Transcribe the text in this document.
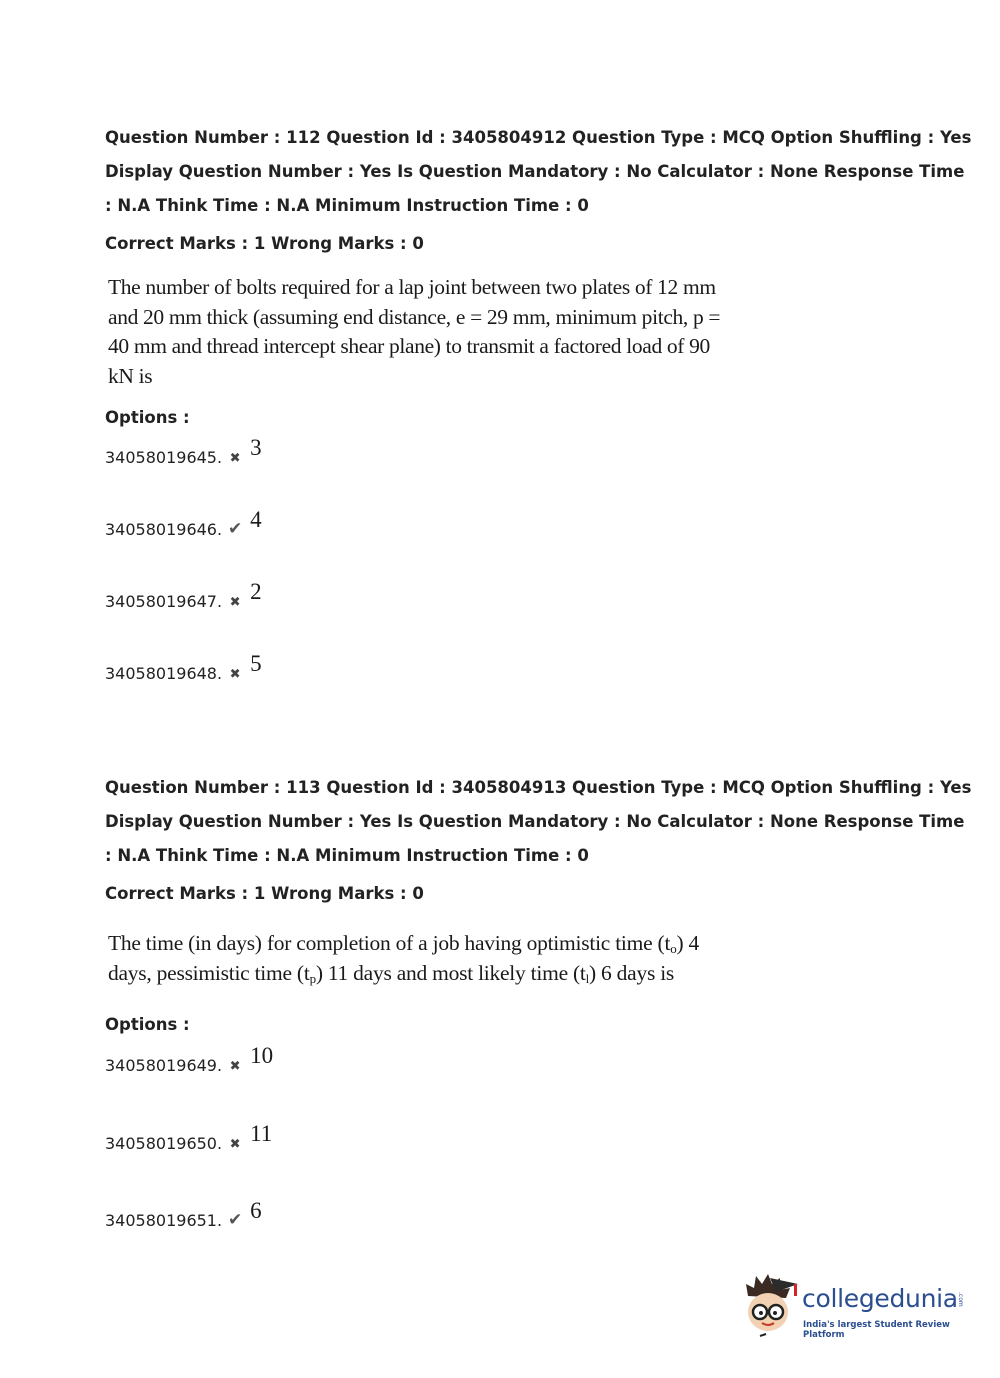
Question Number : 112 Question Id : 3405804912 Question Type : MCQ Option Shuffling : Yes
Display Question Number : Yes Is Question Mandatory : No Calculator : None Response Time
: N.A Think Time : N.A Minimum Instruction Time : 0
Correct Marks : 1 Wrong Marks : 0
The number of bolts required for a lap joint between two plates of 12 mm
and 20 mm thick (assuming end distance, e = 29 mm, minimum pitch, p =
40 mm and thread intercept shear plane) to transmit a factored load of 90
kN is
Options :
34058019645. ✖ 3
34058019646. ✔ 4
34058019647. ✖ 2
34058019648. ✖ 5
Question Number : 113 Question Id : 3405804913 Question Type : MCQ Option Shuffling : Yes
Display Question Number : Yes Is Question Mandatory : No Calculator : None Response Time
: N.A Think Time : N.A Minimum Instruction Time : 0
Correct Marks : 1 Wrong Marks : 0
The time (in days) for completion of a job having optimistic time $(t_o)$ 4
days, pessimistic time $(t_p)$ 11 days and most likely time $(t_l)$ 6 days is
Options :
34058019649. ✖ 10
34058019650. ✖ 11
34058019651. ✔ 6
collegedunia .com
India's largest Student Review Platform
